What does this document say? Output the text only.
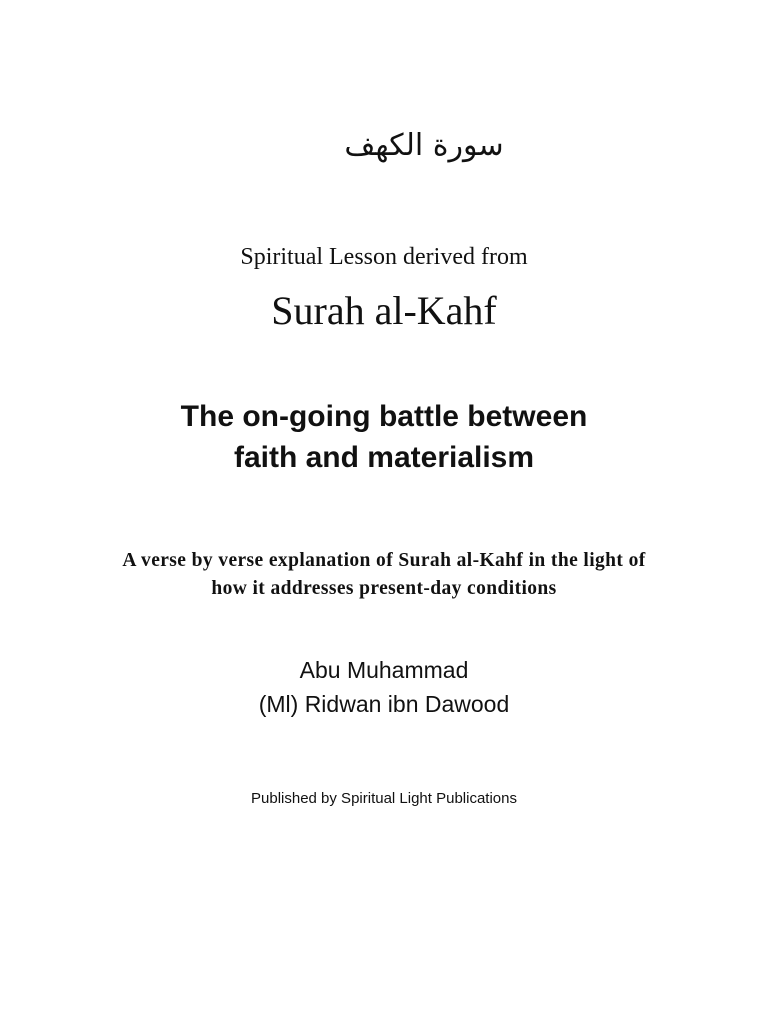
سورة الكهف
Spiritual Lesson derived from
Surah al-Kahf
The on-going battle between
faith and materialism
A verse by verse explanation of Surah al-Kahf in the light of
how it addresses present-day conditions
Abu Muhammad
(Ml) Ridwan ibn Dawood
Published by Spiritual Light Publications
